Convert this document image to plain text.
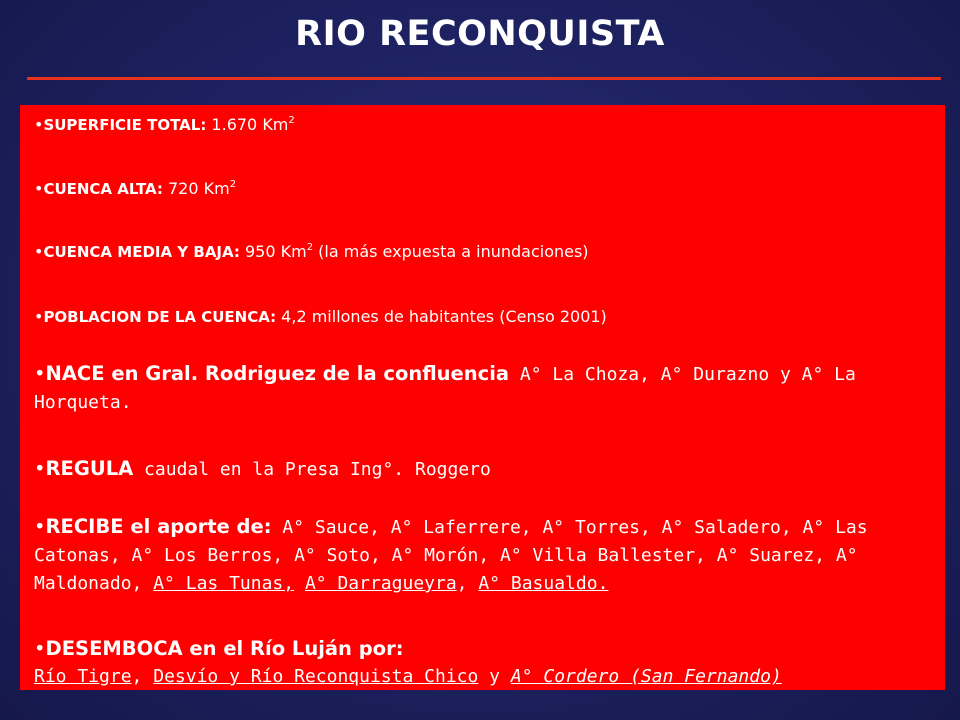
RIO RECONQUISTA
•SUPERFICIE TOTAL: 1.670 Km$^2$
•CUENCA ALTA: 720 Km$^2$
•CUENCA MEDIA Y BAJA: 950 Km$^2$ (la más expuesta a inundaciones)
•POBLACION DE LA CUENCA: 4,2 millones de habitantes (Censo 2001)
•NACE en Gral. Rodriguez de la confluencia A° La Choza, A° Durazno y A° La Horqueta.
•REGULA caudal en la Presa Ing°. Roggero
•RECIBE el aporte de: A° Sauce, A° Laferrere, A° Torres, A° Saladero, A° Las Catonas, A° Los Berros, A° Soto, A° Morón, A° Villa Ballester, A° Suarez, A° Maldonado, A° Las Tunas, A° Darragueyra, A° Basualdo.
•DESEMBOCA en el Río Luján por:
Río Tigre, Desvío y Río Reconquista Chico y A° Cordero (San Fernando)
